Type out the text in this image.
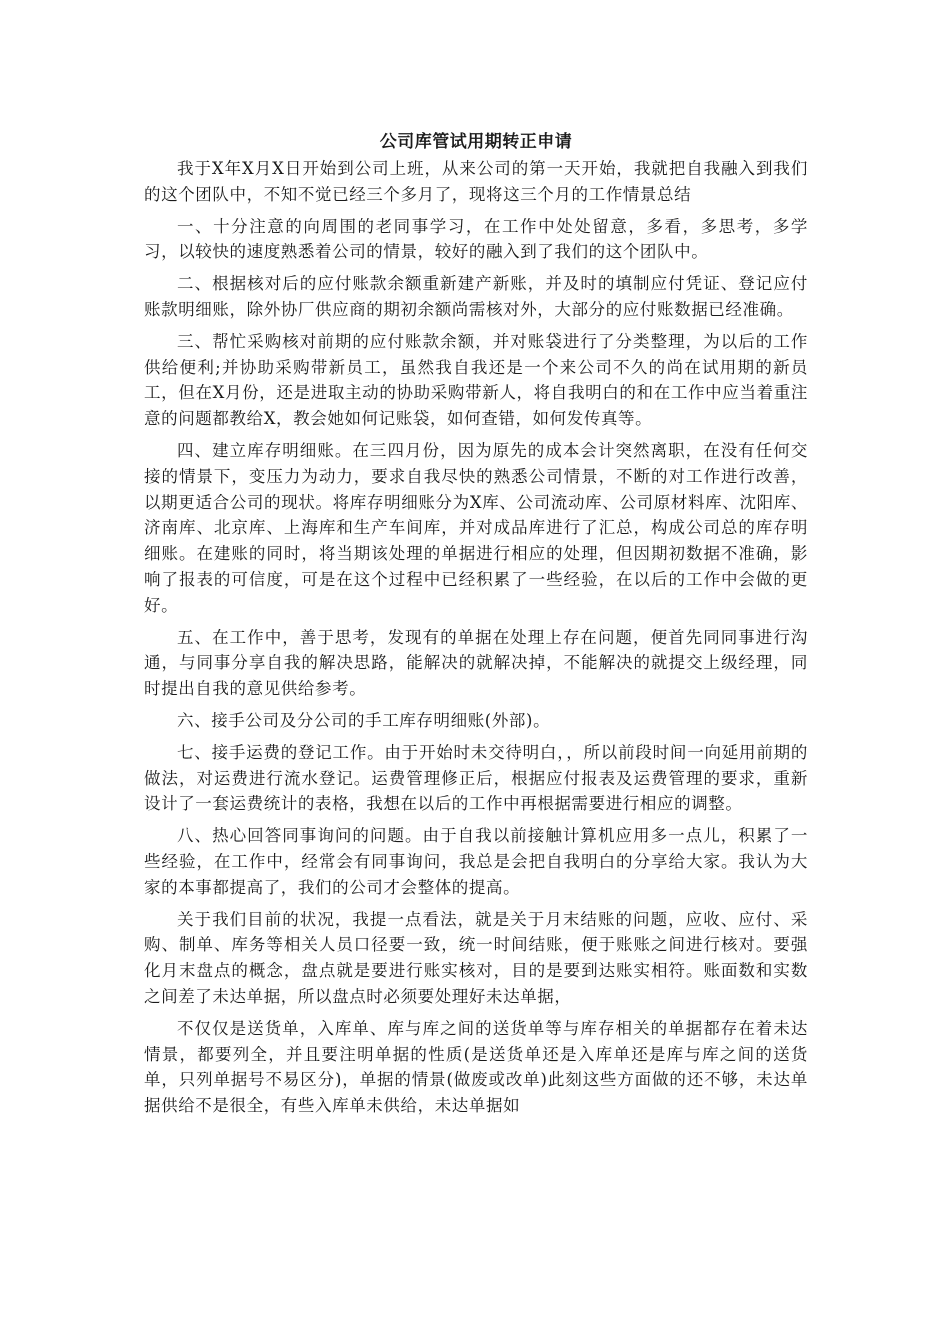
公司库管试用期转正申请

我于X年X月X日开始到公司上班，从来公司的第一天开始，我就把自我融入到我们的这个团队中，不知不觉已经三个多月了，现将这三个月的工作情景总结

一、十分注意的向周围的老同事学习，在工作中处处留意，多看，多思考，多学习，以较快的速度熟悉着公司的情景，较好的融入到了我们的这个团队中。

二、根据核对后的应付账款余额重新建产新账，并及时的填制应付凭证、登记应付账款明细账，除外协厂供应商的期初余额尚需核对外，大部分的应付账数据已经准确。

三、帮忙采购核对前期的应付账款余额，并对账袋进行了分类整理，为以后的工作供给便利;并协助采购带新员工，虽然我自我还是一个来公司不久的尚在试用期的新员工，但在X月份，还是进取主动的协助采购带新人，将自我明白的和在工作中应当着重注意的问题都教给X，教会她如何记账袋，如何查错，如何发传真等。

四、建立库存明细账。在三四月份，因为原先的成本会计突然离职，在没有任何交接的情景下，变压力为动力，要求自我尽快的熟悉公司情景，不断的对工作进行改善，以期更适合公司的现状。将库存明细账分为X库、公司流动库、公司原材料库、沈阳库、济南库、北京库、上海库和生产车间库，并对成品库进行了汇总，构成公司总的库存明细账。在建账的同时，将当期该处理的单据进行相应的处理，但因期初数据不准确，影响了报表的可信度，可是在这个过程中已经积累了一些经验，在以后的工作中会做的更好。

五、在工作中，善于思考，发现有的单据在处理上存在问题，便首先同同事进行沟通，与同事分享自我的解决思路，能解决的就解决掉，不能解决的就提交上级经理，同时提出自我的意见供给参考。

六、接手公司及分公司的手工库存明细账(外部)。

七、接手运费的登记工作。由于开始时未交待明白，，所以前段时间一向延用前期的做法，对运费进行流水登记。运费管理修正后，根据应付报表及运费管理的要求，重新设计了一套运费统计的表格，我想在以后的工作中再根据需要进行相应的调整。

八、热心回答同事询问的问题。由于自我以前接触计算机应用多一点儿，积累了一些经验，在工作中，经常会有同事询问，我总是会把自我明白的分享给大家。我认为大家的本事都提高了，我们的公司才会整体的提高。

关于我们目前的状况，我提一点看法，就是关于月末结账的问题，应收、应付、采购、制单、库务等相关人员口径要一致，统一时间结账，便于账账之间进行核对。要强化月末盘点的概念，盘点就是要进行账实核对，目的是要到达账实相符。账面数和实数之间差了未达单据，所以盘点时必须要处理好未达单据，

不仅仅是送货单，入库单、库与库之间的送货单等与库存相关的单据都存在着未达情景，都要列全，并且要注明单据的性质(是送货单还是入库单还是库与库之间的送货单，只列单据号不易区分)，单据的情景(做废或改单)此刻这些方面做的还不够，未达单据供给不是很全，有些入库单未供给，未达单据如
